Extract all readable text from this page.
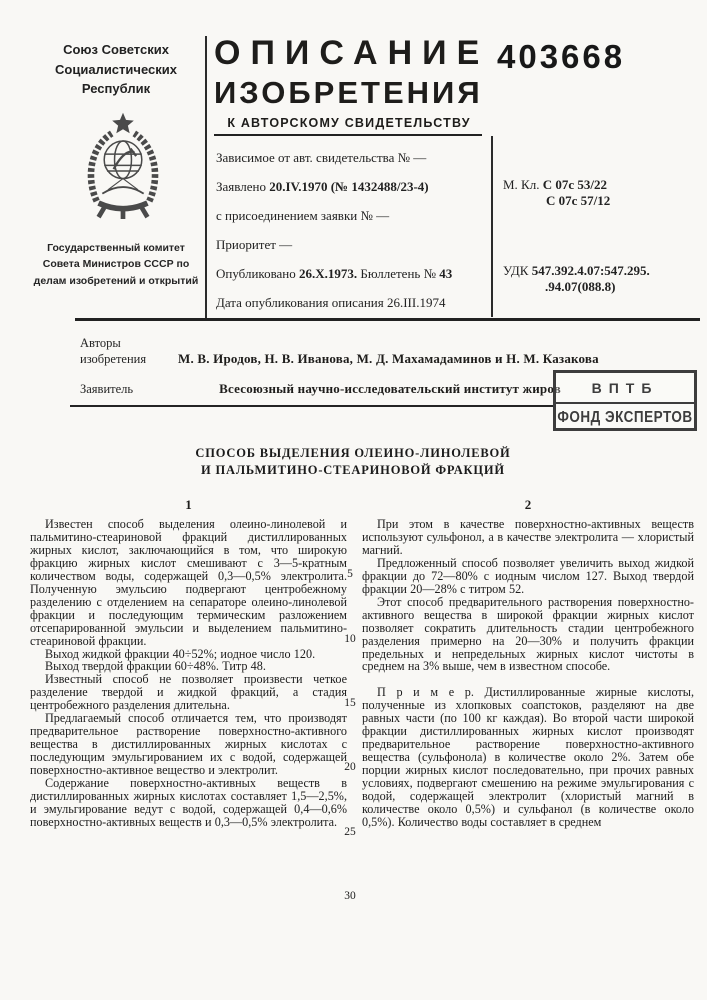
Союз Советских Социалистических Республик
Государственный комитет Совета Министров СССР по делам изобретений и открытий
ОПИСАНИЕ
ИЗОБРЕТЕНИЯ
К АВТОРСКОМУ СВИДЕТЕЛЬСТВУ
403668
Зависимое от авт. свидетельства № —
Заявлено 20.IV.1970 (№ 1432488/23-4)
с присоединением заявки № —
Приоритет —
Опубликовано 26.X.1973. Бюллетень № 43
Дата опубликования описания 26.III.1974
М. Кл. С 07с 53/22
С 07с 57/12
УДК 547.392.4.07:547.295.
.94.07(088.8)
Авторы изобретения	М. В. Иродов, Н. В. Иванова, М. Д. Махамадаминов и Н. М. Казакова
Заявитель	Всесоюзный научно-исследовательский институт жиров	ВПТБ
ФОНД ЭКСПЕРТОВ
СПОСОБ ВЫДЕЛЕНИЯ ОЛЕИНО-ЛИНОЛЕВОЙ
И ПАЛЬМИТИНО-СТЕАРИНОВОЙ ФРАКЦИЙ
1

Известен способ выделения олеино-линолевой и пальмитино-стеариновой фракций дистиллированных жирных кислот, заключающийся в том, что широкую фракцию жирных кислот смешивают с 3—5-кратным количеством воды, содержащей 0,3—0,5% электролита. Полученную эмульсию подвергают центробежному разделению с отделением на сепараторе олеино-линолевой фракции и последующим термическим разложением отсепарированной эмульсии и выделением пальмитино-стеариновой фракции.

Выход жидкой фракции 40÷52%; иодное число 120.

Выход твердой фракции 60÷48%. Титр 48.

Известный способ не позволяет произвести четкое разделение твердой и жидкой фракций, а стадия центробежного разделения длительна.

Предлагаемый способ отличается тем, что производят предварительное растворение поверхностно-активного вещества в дистиллированных жирных кислотах с последующим эмульгированием их с водой, содержащей поверхностно-активное вещество и электролит.

Содержание поверхностно-активных веществ в дистиллированных жирных кислотах составляет 1,5—2,5%, и эмульгирование ведут с водой, содержащей 0,4—0,6% поверхностно-активных веществ и 0,3—0,5% электролита.

2

При этом в качестве поверхностно-активных веществ используют сульфонол, а в качестве электролита — хлористый магний.

Предложенный способ позволяет увеличить выход жидкой фракции до 72—80% с иодным числом 127. Выход твердой фракции 20—28% с титром 52.

Этот способ предварительного растворения поверхностно-активного вещества в широкой фракции жирных кислот позволяет сократить длительность стадии центробежного разделения примерно на 20—30% и получить фракции предельных и непредельных жирных кислот чистоты в среднем на 3% выше, чем в известном способе.

П р и м е р. Дистиллированные жирные кислоты, полученные из хлопковых соапстоков, разделяют на две равных части (по 100 кг каждая). Во второй части широкой фракции дистиллированных жирных кислот производят предварительное растворение поверхностно-активного вещества (сульфонола) в количестве около 2%. Затем обе порции жирных кислот последовательно, при прочих равных условиях, подвергают смешению на режиме эмульгирования с водой, содержащей электролит (хлористый магний в количестве около 0,5%) и сульфанол (в количестве около 0,5%). Количество воды составляет в среднем

5
10
15
20
25
30
